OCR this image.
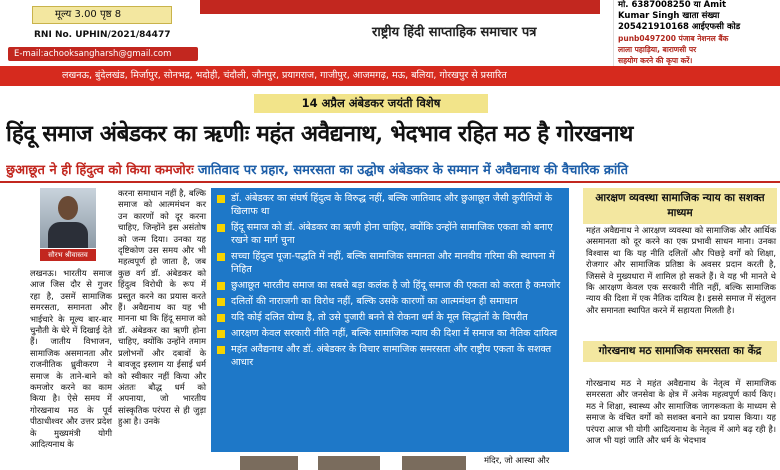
मूल्य 3.00 पृष्ठ 8
RNI No. UPHIN/2021/84477
E-mail:achooksangharsh@gmail.com
राष्ट्रीय हिंदी साप्ताहिक समाचार पत्र
मो. 6387008250 या Amit
Kumar Singh खाता संख्या
205421910168 आईएफसी कोड
punb0497200 पंजाब नेशनल बैंक
लाला पहाड़िया, बाराणसी पर
सहयोग करने की कृपा करें।
लखनऊ, बुंदेलखंड, मिर्जापुर, सोनभद्र, भदोही, चंदौली, जौनपुर, प्रयागराज, गाजीपुर, आजमगढ़, मऊ, बलिया, गोरखपुर से प्रसारित
14 अप्रैल अंबेडकर जयंती विशेष
हिंदू समाज अंबेडकर का ऋणीः महंत अवैद्यनाथ, भेदभाव रहित मठ है गोरखनाथ
छुआछूत ने ही हिंदुत्व को किया कमजोरः जातिवाद पर प्रहार, समरसता का उद्घोष अंबेडकर के सम्मान में अवैद्यनाथ की वैचारिक क्रांति
सौरभ श्रीवास्तव
लखनऊ। भारतीय समाज आज जिस दौर से गुजर रहा है, उसमें सामाजिक समरसता, समानता और भाईचारे के मूल्य बार-बार चुनौती के घेरे में दिखाई देते हैं। जातीय विभाजन, सामाजिक असमानता और राजनीतिक ध्रुवीकरण ने समाज के ताने-बाने को कमजोर करने का काम किया है। ऐसे समय में गोरखनाथ मठ के पूर्व पीठाधीश्वर और उत्तर प्रदेश के मुख्यमंत्री योगी आदित्यनाथ के
करना समाधान नहीं है, बल्कि समाज को आत्ममंथन कर उन कारणों को दूर करना चाहिए, जिन्होंने इस असंतोष को जन्म दिया। उनका यह दृष्टिकोण उस समय और भी महत्वपूर्ण हो जाता है, जब कुछ वर्ग डॉ. अंबेडकर को हिंदुत्व विरोधी के रूप में प्रस्तुत करने का प्रयास करते हैं। अवैद्यनाथ का यह भी मानना था कि हिंदू समाज को डॉ. अंबेडकर का ऋणी होना चाहिए, क्योंकि उन्होंने तमाम प्रलोभनों और दबावों के बावजूद इस्लाम या ईसाई धर्म को स्वीकार नहीं किया और अंततः बौद्ध धर्म को अपनाया, जो भारतीय सांस्कृतिक परंपरा से ही जुड़ा हुआ है। उनके
डॉ. अंबेडकर का संघर्ष हिंदुत्व के विरुद्ध नहीं, बल्कि जातिवाद और छुआछूत जैसी कुरीतियों के खिलाफ था
हिंदू समाज को डॉ. अंबेडकर का ऋणी होना चाहिए, क्योंकि उन्होंने सामाजिक एकता को बनाए रखने का मार्ग चुना
सच्चा हिंदुत्व पूजा-पद्धति में नहीं, बल्कि सामाजिक समानता और मानवीय गरिमा की स्थापना में निहित
छुआछूत भारतीय समाज का सबसे बड़ा कलंक है जो हिंदू समाज की एकता को करता है कमजोर
दलितों की नाराजगी का विरोध नहीं, बल्कि उसके कारणों का आत्ममंथन ही समाधान
यदि कोई दलित योग्य है, तो उसे पुजारी बनने से रोकना धर्म के मूल सिद्धांतों के विपरीत
आरक्षण केवल सरकारी नीति नहीं, बल्कि सामाजिक न्याय की दिशा में समाज का नैतिक दायित्व
महंत अवैद्यनाथ और डॉ. अंबेडकर के विचार सामाजिक समरसता और राष्ट्रीय एकता के सशक्त आधार
मंदिर, जो आस्था और
आरक्षण व्यवस्था सामाजिक न्याय का सशक्त माध्यम
महंत अवैद्यनाथ ने आरक्षण व्यवस्था को सामाजिक और आर्थिक असमानता को दूर करने का एक प्रभावी साधन माना। उनका विश्वास था कि यह नीति दलितों और पिछड़े वर्गों को शिक्षा, रोजगार और सामाजिक प्रतिष्ठा के अवसर प्रदान करती है, जिससे वे मुख्यधारा में शामिल हो सकते हैं। वे यह भी मानते थे कि आरक्षण केवल एक सरकारी नीति नहीं, बल्कि सामाजिक न्याय की दिशा में एक नैतिक दायित्व है। इससे समाज में संतुलन और समानता स्थापित करने में सहायता मिलती है।
गोरखनाथ मठ सामाजिक समरसता का केंद्र
गोरखनाथ मठ ने महंत अवैद्यनाथ के नेतृत्व में सामाजिक समरसता और जनसेवा के क्षेत्र में अनेक महत्वपूर्ण कार्य किए। मठ ने शिक्षा, स्वास्थ्य और सामाजिक जागरूकता के माध्यम से समाज के वंचित वर्गों को सशक्त बनाने का प्रयास किया। यह परंपरा आज भी योगी आदित्यनाथ के नेतृत्व में आगे बढ़ रही है। आज भी यहां जाति और धर्म के भेदभाव
